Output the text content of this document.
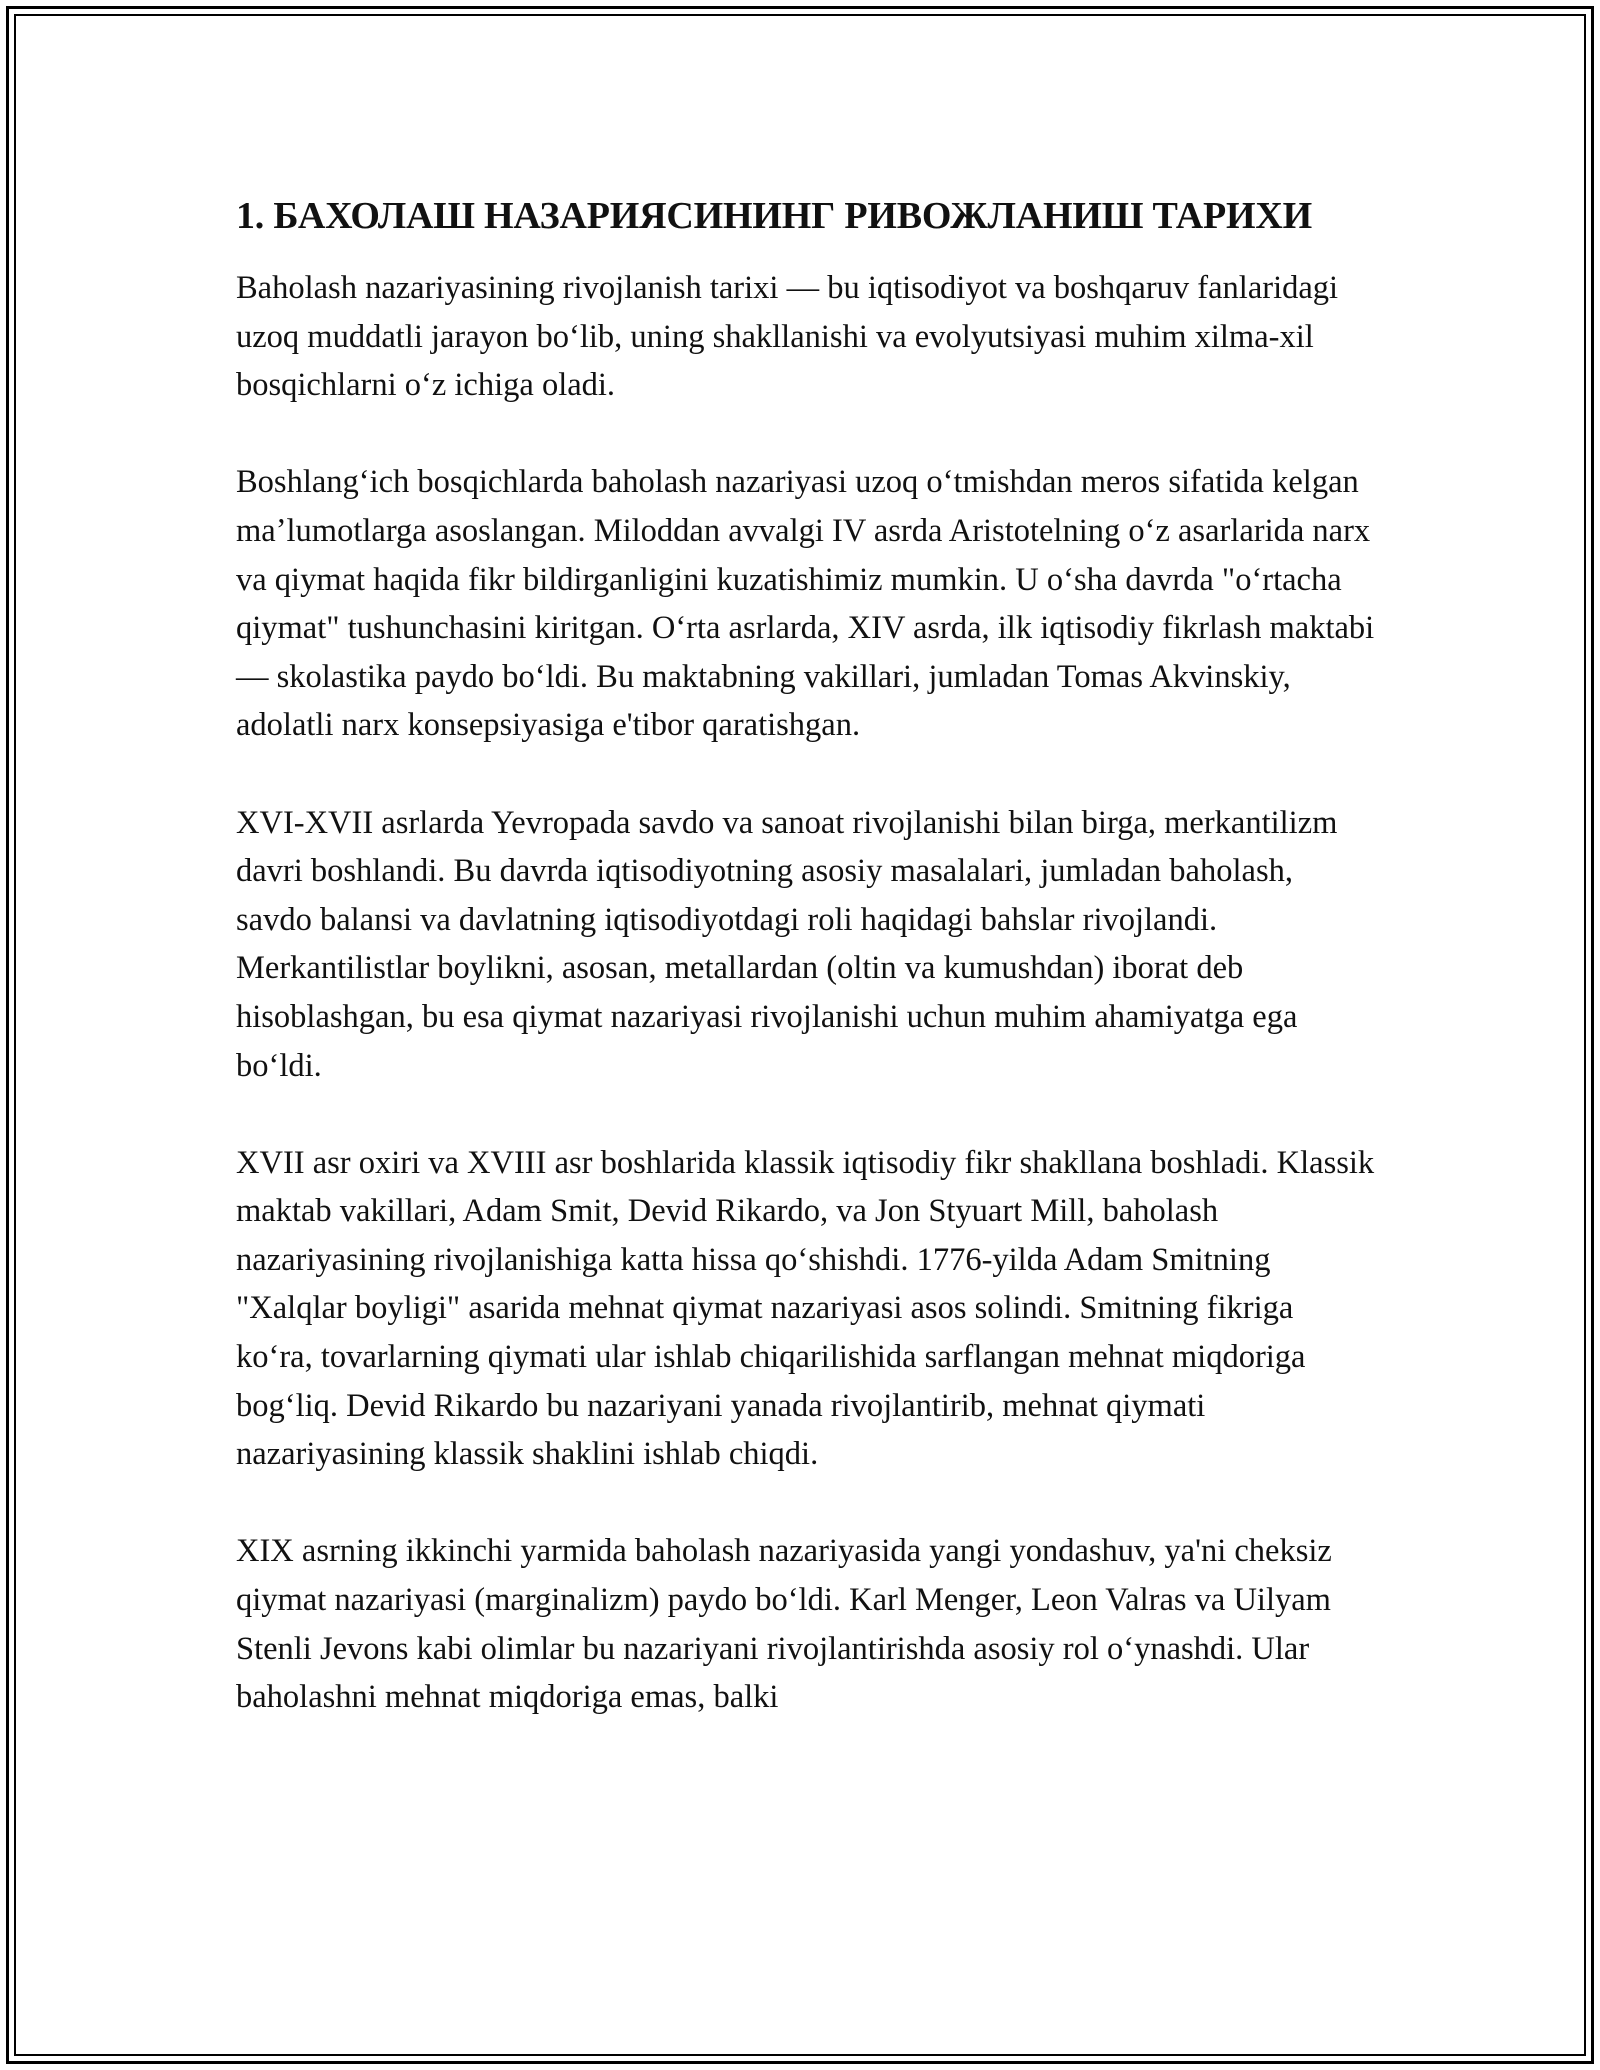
1. БАХОЛАШ НАЗАРИЯСИНИНГ РИВОЖЛАНИШ ТАРИХИ

Baholash nazariyasining rivojlanish tarixi — bu iqtisodiyot va boshqaruv fanlaridagi uzoq muddatli jarayon boʻlib, uning shakllanishi va evolyutsiyasi muhim xilma-xil bosqichlarni oʻz ichiga oladi.

Boshlangʻich bosqichlarda baholash nazariyasi uzoq oʻtmishdan meros sifatida kelgan maʼlumotlarga asoslangan. Miloddan avvalgi IV asrda Aristotelning oʻz asarlarida narx va qiymat haqida fikr bildirganligini kuzatishimiz mumkin. U oʻsha davrda "oʻrtacha qiymat" tushunchasini kiritgan. Oʻrta asrlarda, XIV asrda, ilk iqtisodiy fikrlash maktabi — skolastika paydo boʻldi. Bu maktabning vakillari, jumladan Tomas Akvinskiy, adolatli narx konsepsiyasiga e'tibor qaratishgan.

XVI-XVII asrlarda Yevropada savdo va sanoat rivojlanishi bilan birga, merkantilizm davri boshlandi. Bu davrda iqtisodiyotning asosiy masalalari, jumladan baholash, savdo balansi va davlatning iqtisodiyotdagi roli haqidagi bahslar rivojlandi. Merkantilistlar boylikni, asosan, metallardan (oltin va kumushdan) iborat deb hisoblashgan, bu esa qiymat nazariyasi rivojlanishi uchun muhim ahamiyatga ega boʻldi.

XVII asr oxiri va XVIII asr boshlarida klassik iqtisodiy fikr shakllana boshladi. Klassik maktab vakillari, Adam Smit, Devid Rikardo, va Jon Styuart Mill, baholash nazariyasining rivojlanishiga katta hissa qoʻshishdi. 1776-yilda Adam Smitning "Xalqlar boyligi" asarida mehnat qiymat nazariyasi asos solindi. Smitning fikriga koʻra, tovarlarning qiymati ular ishlab chiqarilishida sarflangan mehnat miqdoriga bogʻliq. Devid Rikardo bu nazariyani yanada rivojlantirib, mehnat qiymati nazariyasining klassik shaklini ishlab chiqdi.

XIX asrning ikkinchi yarmida baholash nazariyasida yangi yondashuv, ya'ni cheksiz qiymat nazariyasi (marginalizm) paydo boʻldi. Karl Menger, Leon Valras va Uilyam Stenli Jevons kabi olimlar bu nazariyani rivojlantirishda asosiy rol oʻynashdi. Ular baholashni mehnat miqdoriga emas, balki
